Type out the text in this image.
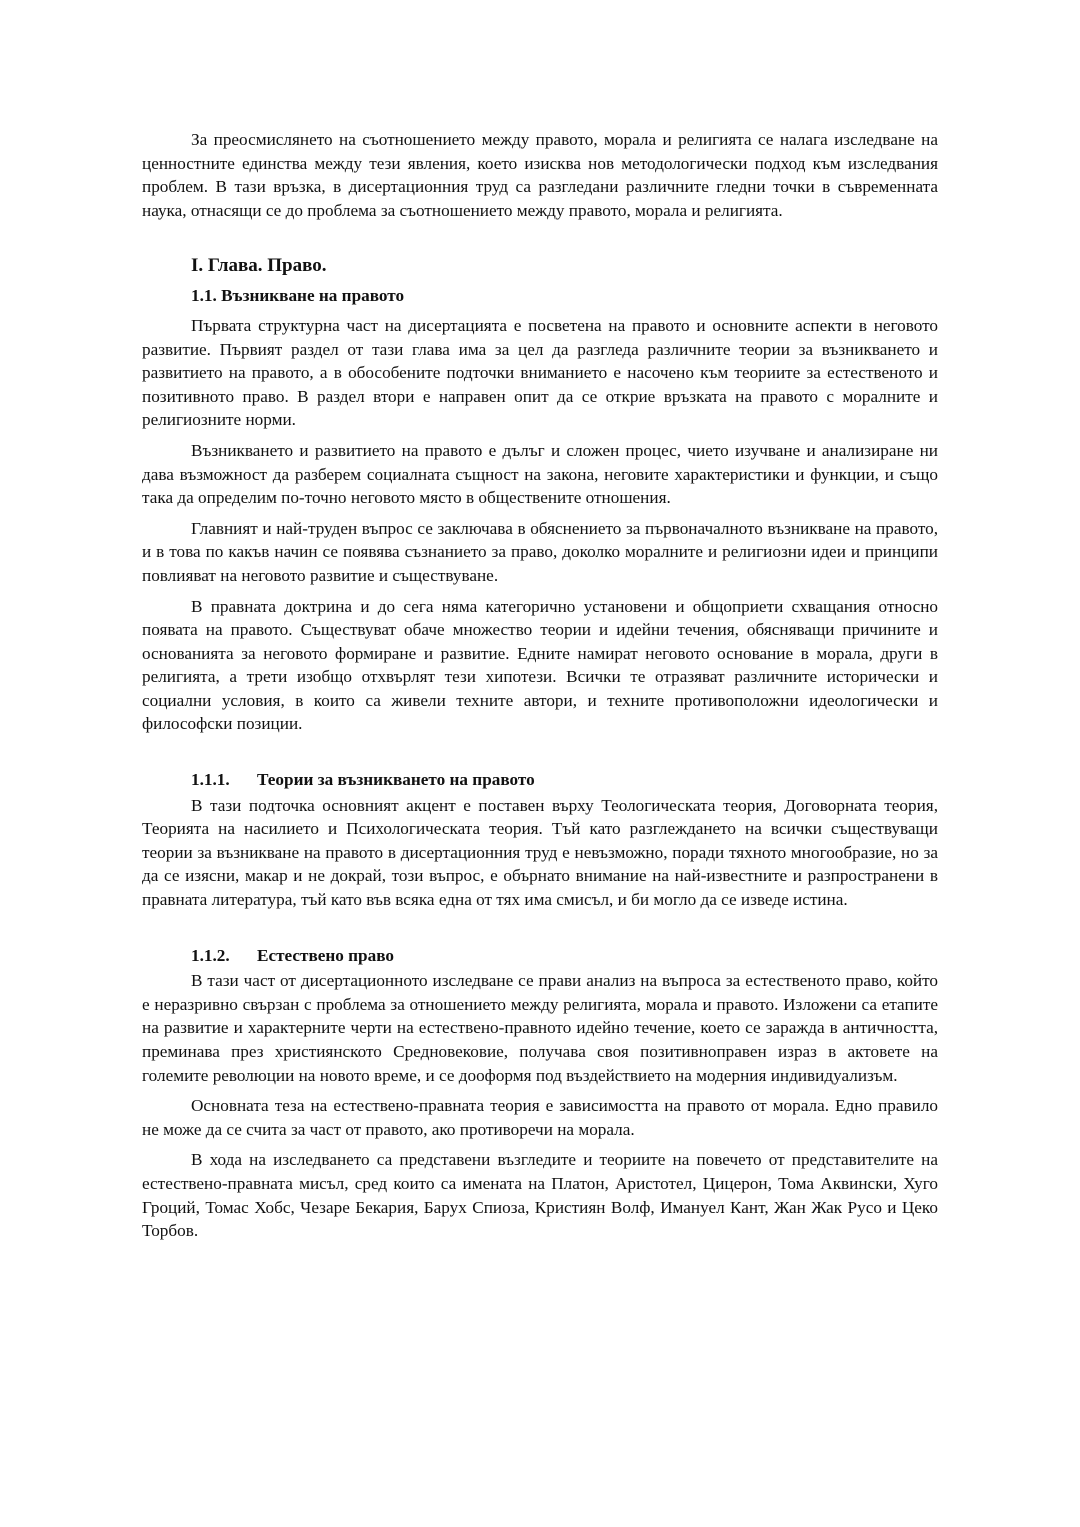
За преосмислянето на съотношението между правото, морала и религията се налага изследване на ценностните единства между тези явления, което изисква нов методологически подход към изследвания проблем. В тази връзка, в дисертационния труд са разгледани различните гледни точки в съвременната наука, отнасящи се до проблема за съотношението между правото, морала и религията.

I. Глава. Право.
1.1. Възникване на правото

Първата структурна част на дисертацията е посветена на правото и основните аспекти в неговото развитие. Първият раздел от тази глава има за цел да разгледа различните теории за възникването и развитието на правото, а в обособените подточки вниманието е насочено към теориите за естественото и позитивното право. В раздел втори е направен опит да се открие връзката на правото с моралните и религиозните норми.

Възникването и развитието на правото е дълъг и сложен процес, чието изучване и анализиране ни дава възможност да разберем социалната същност на закона, неговите характеристики и функции, и също така да определим по-точно неговото място в обществените отношения.

Главният и най-труден въпрос се заключава в обяснението за първоначалното възникване на правото, и в това по какъв начин се появява съзнанието за право, доколко моралните и религиозни идеи и принципи повлияват на неговото развитие и съществуване.

В правната доктрина и до сега няма категорично установени и общоприети схващания относно появата на правото. Съществуват обаче множество теории и идейни течения, обясняващи причините и основанията за неговото формиране и развитие. Едните намират неговото основание в морала, други в религията, а трети изобщо отхвърлят тези хипотези. Всички те отразяват различните исторически и социални условия, в които са живели техните автори, и техните противоположни идеологически и философски позиции.

1.1.1. Теории за възникването на правото

В тази подточка основният акцент е поставен върху Теологическата теория, Договорната теория, Теорията на насилието и Психологическата теория. Тъй като разглеждането на всички съществуващи теории за възникване на правото в дисертационния труд е невъзможно, поради тяхното многообразие, но за да се изясни, макар и не докрай, този въпрос, е обърнато внимание на най-известните и разпространени в правната литература, тъй като във всяка една от тях има смисъл, и би могло да се изведе истина.

1.1.2. Естествено право

В тази част от дисертационното изследване се прави анализ на въпроса за естественото право, който е неразривно свързан с проблема за отношението между религията, морала и правото. Изложени са етапите на развитие и характерните черти на естествено-правното идейно течение, което се заражда в античността, преминава през християнското Средновековие, получава своя позитивноправен израз в актовете на големите революции на новото време, и се дооформя под въздействието на модерния индивидуализъм.

Основната теза на естествено-правната теория е зависимостта на правото от морала. Едно правило не може да се счита за част от правото, ако противоречи на морала.

В хода на изследването са представени възгледите и теориите на повечето от представителите на естествено-правната мисъл, сред които са имената на Платон, Аристотел, Цицерон, Тома Аквински, Хуго Гроций, Томас Хобс, Чезаре Бекария, Барух Спиоза, Кристиян Волф, Имануел Кант, Жан Жак Русо и Цеко Торбов.
